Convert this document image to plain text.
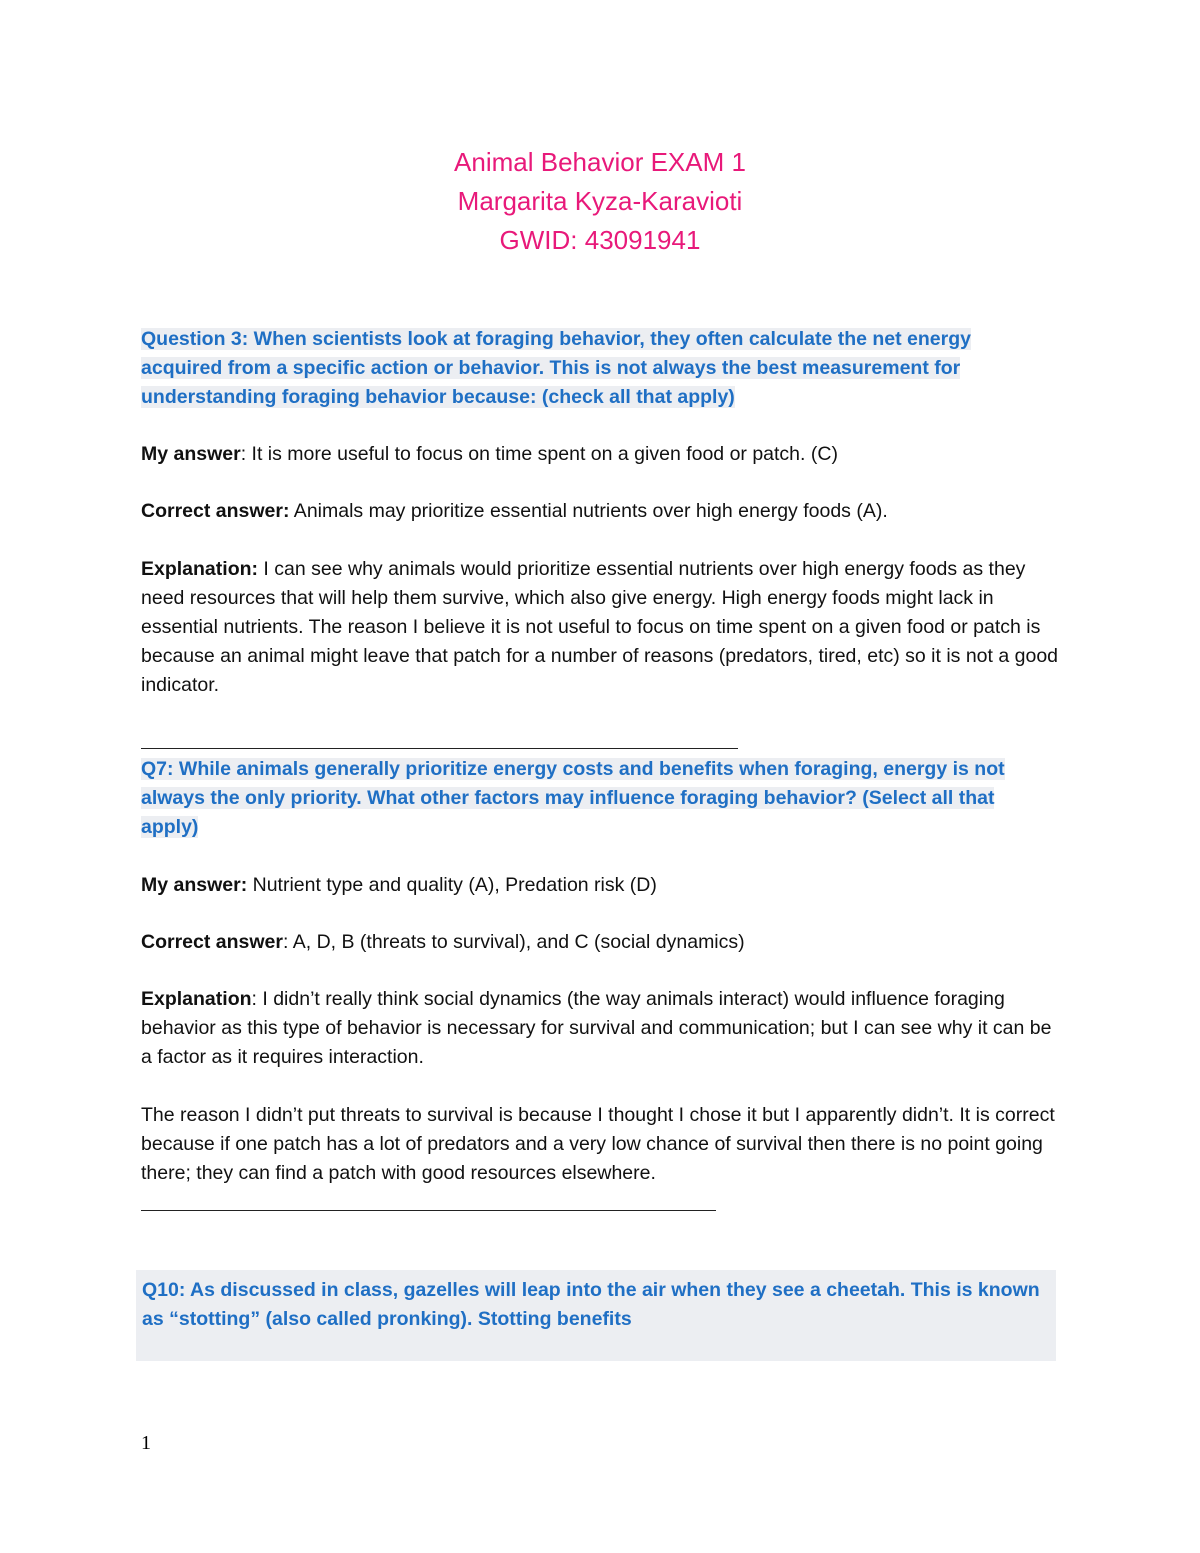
Animal Behavior EXAM 1
Margarita Kyza-Karavioti
GWID: 43091941
Question 3: When scientists look at foraging behavior, they often calculate the net energy acquired from a specific action or behavior. This is not always the best measurement for understanding foraging behavior because: (check all that apply)
My answer: It is more useful to focus on time spent on a given food or patch. (C)
Correct answer: Animals may prioritize essential nutrients over high energy foods (A).
Explanation: I can see why animals would prioritize essential nutrients over high energy foods as they need resources that will help them survive, which also give energy. High energy foods might lack in essential nutrients. The reason I believe it is not useful to focus on time spent on a given food or patch is because an animal might leave that patch for a number of reasons (predators, tired, etc) so it is not a good indicator.
Q7: While animals generally prioritize energy costs and benefits when foraging, energy is not always the only priority. What other factors may influence foraging behavior? (Select all that apply)
My answer: Nutrient type and quality (A), Predation risk (D)
Correct answer: A, D, B (threats to survival), and C (social dynamics)
Explanation: I didn’t really think social dynamics (the way animals interact) would influence foraging behavior as this type of behavior is necessary for survival and communication; but I can see why it can be a factor as it requires interaction.
The reason I didn’t put threats to survival is because I thought I chose it but I apparently didn’t. It is correct because if one patch has a lot of predators and a very low chance of survival then there is no point going there; they can find a patch with good resources elsewhere.
Q10: As discussed in class, gazelles will leap into the air when they see a cheetah. This is known as “stotting” (also called pronking). Stotting benefits
1
